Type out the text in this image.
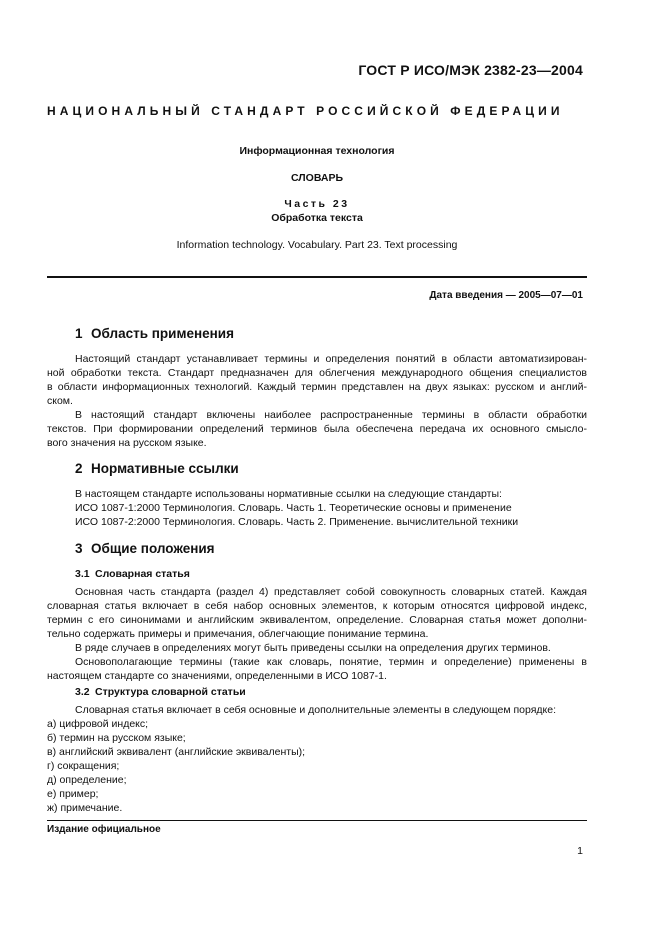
ГОСТ Р ИСО/МЭК 2382-23—2004
НАЦИОНАЛЬНЫЙ СТАНДАРТ РОССИЙСКОЙ ФЕДЕРАЦИИ
Информационная технология
СЛОВАРЬ
Часть 23
Обработка текста
Information technology. Vocabulary. Part 23. Text processing
Дата введения — 2005—07—01
1 Область применения
Настоящий стандарт устанавливает термины и определения понятий в области автоматизирован-
ной обработки текста. Стандарт предназначен для облегчения международного общения специалистов
в области информационных технологий. Каждый термин представлен на двух языках: русском и англий-
ском.
В настоящий стандарт включены наиболее распространенные термины в области обработки
текстов. При формировании определений терминов была обеспечена передача их основного смысло-
вого значения на русском языке.
2 Нормативные ссылки
В настоящем стандарте использованы нормативные ссылки на следующие стандарты:
ИСО 1087-1:2000 Терминология. Словарь. Часть 1. Теоретические основы и применение
ИСО 1087-2:2000 Терминология. Словарь. Часть 2. Применение. вычислительной техники
3 Общие положения
3.1 Словарная статья
Основная часть стандарта (раздел 4) представляет собой совокупность словарных статей. Каждая
словарная статья включает в себя набор основных элементов, к которым относятся цифровой индекс,
термин с его синонимами и английским эквивалентом, определение. Словарная статья может дополни-
тельно содержать примеры и примечания, облегчающие понимание термина.
В ряде случаев в определениях могут быть приведены ссылки на определения других терминов.
Основополагающие термины (такие как словарь, понятие, термин и определение) применены в
настоящем стандарте со значениями, определенными в ИСО 1087-1.
3.2 Структура словарной статьи
Словарная статья включает в себя основные и дополнительные элементы в следующем порядке:
а) цифровой индекс;
б) термин на русском языке;
в) английский эквивалент (английские эквиваленты);
г) сокращения;
д) определение;
е) пример;
ж) примечание.
Издание официальное
1
